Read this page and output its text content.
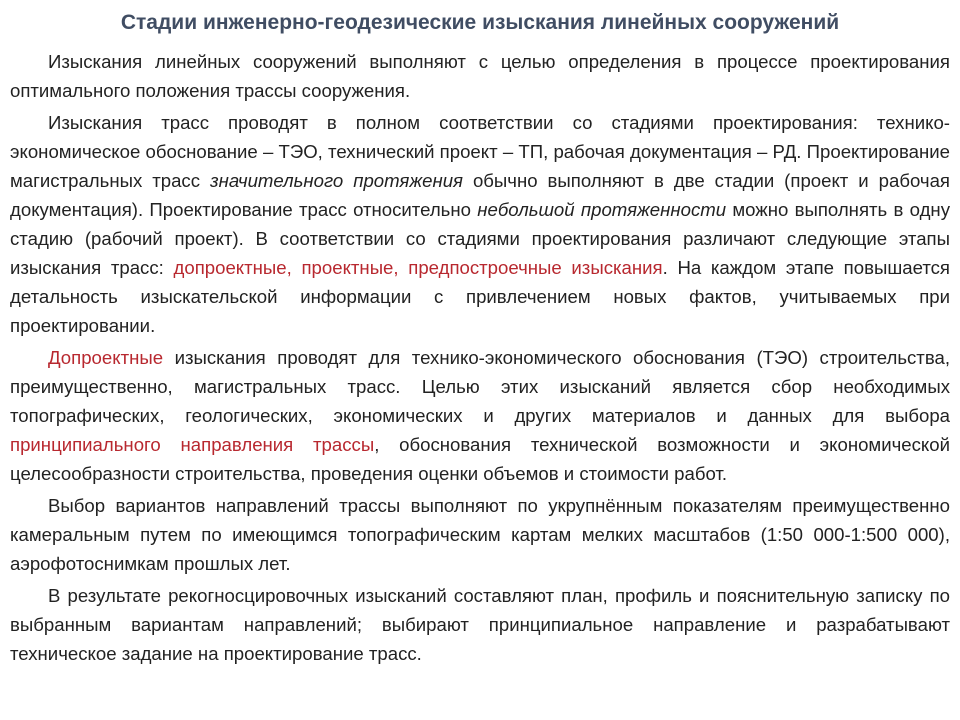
Стадии инженерно-геодезические изыскания линейных сооружений

Изыскания линейных сооружений выполняют с целью определения в процессе проектирования оптимального положения трассы сооружения.

Изыскания трасс проводят в полном соответствии со стадиями проектирования: технико-экономическое обоснование – ТЭО, технический проект – ТП, рабочая документация – РД. Проектирование магистральных трасс значительного протяжения обычно выполняют в две стадии (проект и рабочая документация). Проектирование трасс относительно небольшой протяженности можно выполнять в одну стадию (рабочий проект). В соответствии со стадиями проектирования различают следующие этапы изыскания трасс: допроектные, проектные, предпостроечные изыскания. На каждом этапе повышается детальность изыскательской информации с привлечением новых фактов, учитываемых при проектировании.

Допроектные изыскания проводят для технико-экономического обоснования (ТЭО) строительства, преимущественно, магистральных трасс. Целью этих изысканий является сбор необходимых топографических, геологических, экономических и других материалов и данных для выбора принципиального направления трассы, обоснования технической возможности и экономической целесообразности строительства, проведения оценки объемов и стоимости работ.

Выбор вариантов направлений трассы выполняют по укрупнённым показателям преимущественно камеральным путем по имеющимся топографическим картам мелких масштабов (1:50 000-1:500 000), аэрофотоснимкам прошлых лет.

В результате рекогносцировочных изысканий составляют план, профиль и пояснительную записку по выбранным вариантам направлений; выбирают принципиальное направление и разрабатывают техническое задание на проектирование трасс.
